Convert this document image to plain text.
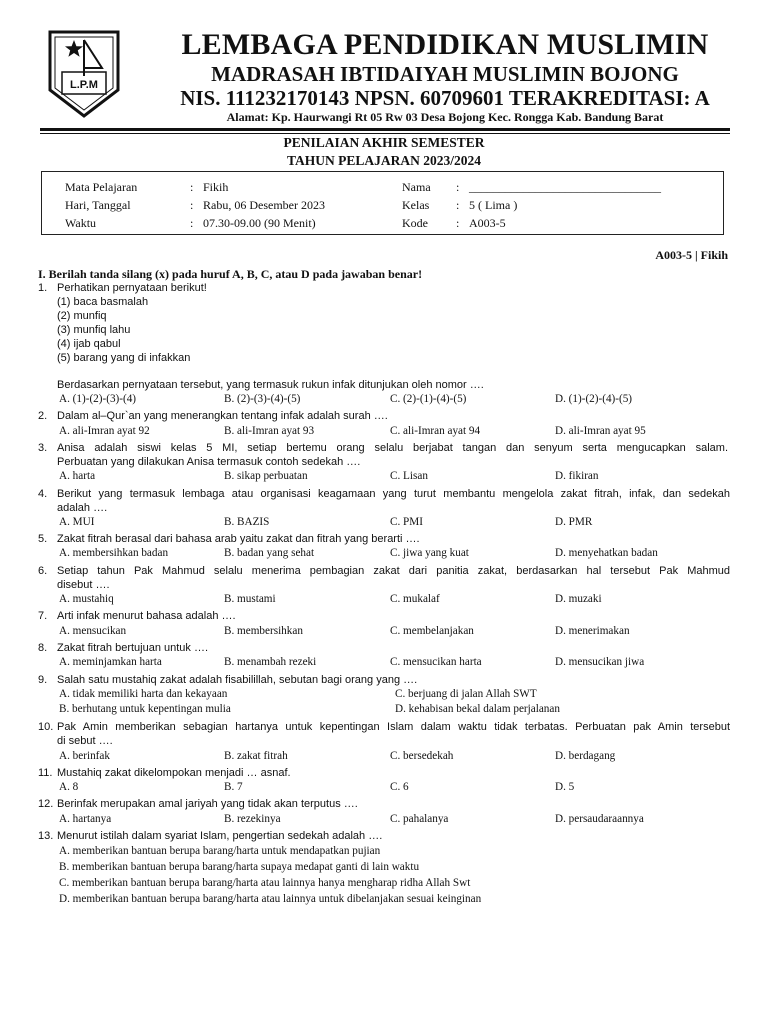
L.P.M
LEMBAGA PENDIDIKAN MUSLIMIN
MADRASAH IBTIDAIYAH MUSLIMIN BOJONG
NIS. 111232170143 NPSN. 60709601 TERAKREDITASI: A
Alamat: Kp. Haurwangi Rt 05 Rw 03 Desa Bojong Kec. Rongga Kab. Bandung Barat
PENILAIAN AKHIR SEMESTER
TAHUN PELAJARAN 2023/2024
Mata Pelajaran	: Fikih
Hari, Tanggal	: Rabu, 06 Desember 2023
Waktu	: 07.30-09.00 (90 Menit)
Nama : ________________________________
Kelas : 5 ( Lima )
Kode : A003-5
A003-5 | Fikih
I. Berilah tanda silang (x) pada huruf A, B, C, atau D pada jawaban benar!
1. Perhatikan pernyataan berikut!
(1) baca basmalah
(2) munfiq
(3) munfiq lahu
(4) ijab qabul
(5) barang yang di infakkan
Berdasarkan pernyataan tersebut, yang termasuk rukun infak ditunjukan oleh nomor ….
A. (1)-(2)-(3)-(4)	B. (2)-(3)-(4)-(5)	C. (2)-(1)-(4)-(5)	D. (1)-(2)-(4)-(5)
2. Dalam al–Qur`an yang menerangkan tentang infak adalah surah ….
A. ali-Imran ayat 92	B. ali-Imran ayat 93	C. ali-Imran ayat 94	D. ali-Imran ayat 95
3. Anisa adalah siswi kelas 5 MI, setiap bertemu orang selalu berjabat tangan dan senyum serta mengucapkan salam.
Perbuatan yang dilakukan Anisa termasuk contoh sedekah ….
A. harta	B. sikap perbuatan	C. Lisan	D. fikiran
4. Berikut yang termasuk lembaga atau organisasi keagamaan yang turut membantu mengelola zakat fitrah, infak, dan sedekah
adalah ….
A. MUI	B. BAZIS	C. PMI	D. PMR
5. Zakat fitrah berasal dari bahasa arab yaitu zakat dan fitrah yang berarti ….
A. membersihkan badan	B. badan yang sehat	C. jiwa yang kuat	D. menyehatkan badan
6. Setiap tahun Pak Mahmud selalu menerima pembagian zakat dari panitia zakat, berdasarkan hal tersebut Pak Mahmud
disebut ….
A. mustahiq	B. mustami	C. mukalaf	D. muzaki
7. Arti infak menurut bahasa adalah ….
A. mensucikan	B. membersihkan	C. membelanjakan	D. menerimakan
8. Zakat fitrah bertujuan untuk ….
A. meminjamkan harta	B. menambah rezeki	C. mensucikan harta	D. mensucikan jiwa
9. Salah satu mustahiq zakat adalah fisabilillah, sebutan bagi orang yang ….
A. tidak memiliki harta dan kekayaan
B. berhutang untuk kepentingan mulia
C. berjuang di jalan Allah SWT
D. kehabisan bekal dalam perjalanan
10. Pak Amin memberikan sebagian hartanya untuk kepentingan Islam dalam waktu tidak terbatas. Perbuatan pak Amin tersebut
di sebut ….
A. berinfak	B. zakat fitrah	C. bersedekah	D. berdagang
11. Mustahiq zakat dikelompokan menjadi … asnaf.
A. 8	B. 7	C. 6	D. 5
12. Berinfak merupakan amal jariyah yang tidak akan terputus ….
A. hartanya	B. rezekinya	C. pahalanya	D. persaudaraannya
13. Menurut istilah dalam syariat Islam, pengertian sedekah adalah ….
A. memberikan bantuan berupa barang/harta untuk mendapatkan pujian
B. memberikan bantuan berupa barang/harta supaya medapat ganti di lain waktu
C. memberikan bantuan berupa barang/harta atau lainnya hanya mengharap ridha Allah Swt
D. memberikan bantuan berupa barang/harta atau lainnya untuk dibelanjakan sesuai keinginan
